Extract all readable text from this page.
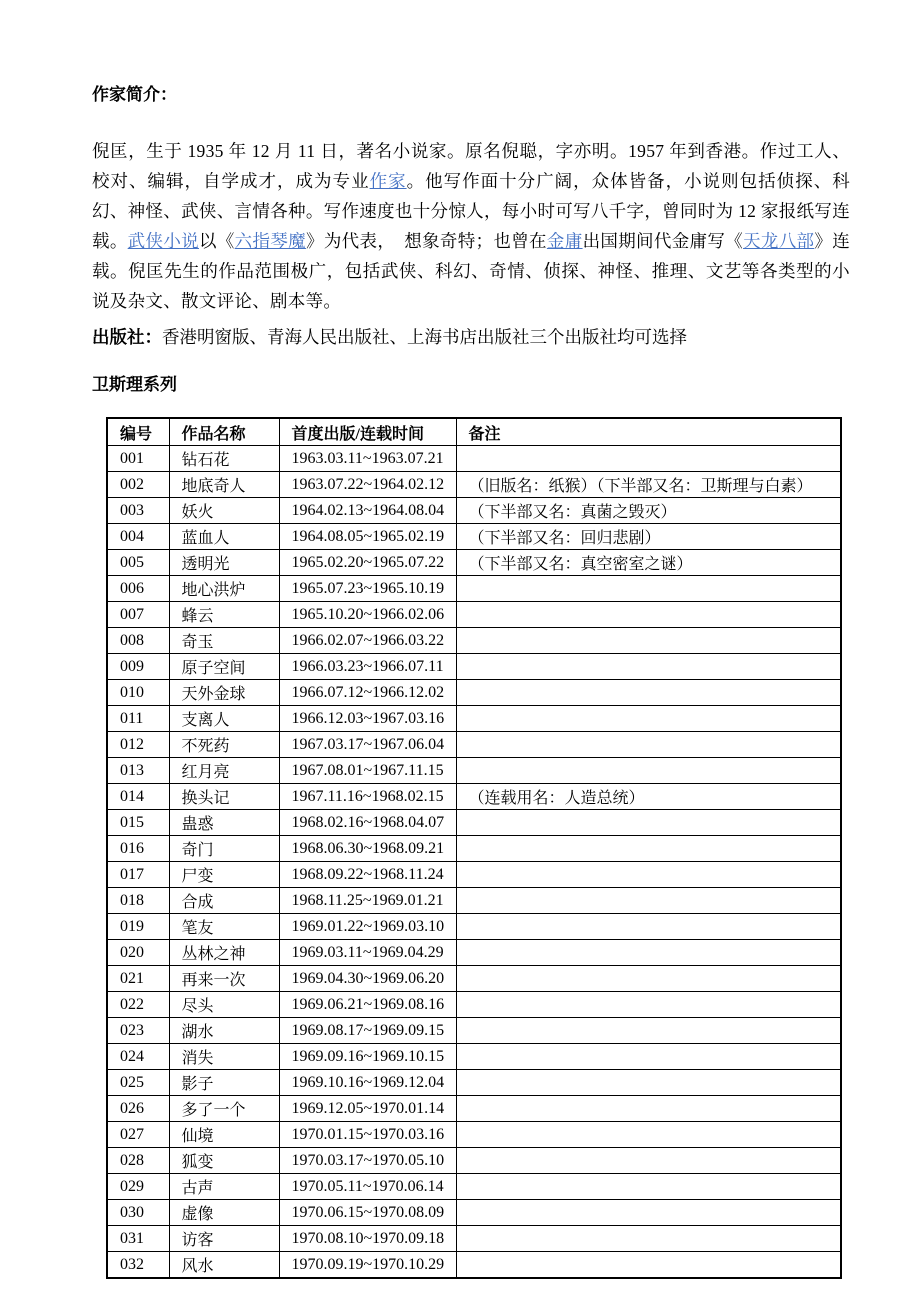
作家简介：

倪匡，生于 1935 年 12 月 11 日，著名小说家。原名倪聪，字亦明。1957 年到香港。作过工人、校对、编辑，自学成才，成为专业作家。他写作面十分广阔，众体皆备，小说则包括侦探、科幻、神怪、武侠、言情各种。写作速度也十分惊人，每小时可写八千字，曾同时为 12 家报纸写连载。武侠小说以《六指琴魔》为代表，　想象奇特；也曾在金庸出国期间代金庸写《天龙八部》连载。倪匡先生的作品范围极广，包括武侠、科幻、奇情、侦探、神怪、推理、文艺等各类型的小说及杂文、散文评论、剧本等。

出版社：香港明窗版、青海人民出版社、上海书店出版社三个出版社均可选择

卫斯理系列

编号	作品名称	首度出版/连载时间	备注
001	钻石花	1963.03.11~1963.07.21	
002	地底奇人	1963.07.22~1964.02.12	（旧版名：纸猴）（下半部又名：卫斯理与白素）
003	妖火	1964.02.13~1964.08.04	（下半部又名：真菌之毁灭）
004	蓝血人	1964.08.05~1965.02.19	（下半部又名：回归悲剧）
005	透明光	1965.02.20~1965.07.22	（下半部又名：真空密室之谜）
006	地心洪炉	1965.07.23~1965.10.19	
007	蜂云	1965.10.20~1966.02.06	
008	奇玉	1966.02.07~1966.03.22	
009	原子空间	1966.03.23~1966.07.11	
010	天外金球	1966.07.12~1966.12.02	
011	支离人	1966.12.03~1967.03.16	
012	不死药	1967.03.17~1967.06.04	
013	红月亮	1967.08.01~1967.11.15	
014	换头记	1967.11.16~1968.02.15	（连载用名：人造总统）
015	蛊惑	1968.02.16~1968.04.07	
016	奇门	1968.06.30~1968.09.21	
017	尸变	1968.09.22~1968.11.24	
018	合成	1968.11.25~1969.01.21	
019	笔友	1969.01.22~1969.03.10	
020	丛林之神	1969.03.11~1969.04.29	
021	再来一次	1969.04.30~1969.06.20	
022	尽头	1969.06.21~1969.08.16	
023	湖水	1969.08.17~1969.09.15	
024	消失	1969.09.16~1969.10.15	
025	影子	1969.10.16~1969.12.04	
026	多了一个	1969.12.05~1970.01.14	
027	仙境	1970.01.15~1970.03.16	
028	狐变	1970.03.17~1970.05.10	
029	古声	1970.05.11~1970.06.14	
030	虚像	1970.06.15~1970.08.09	
031	访客	1970.08.10~1970.09.18	
032	风水	1970.09.19~1970.10.29	
